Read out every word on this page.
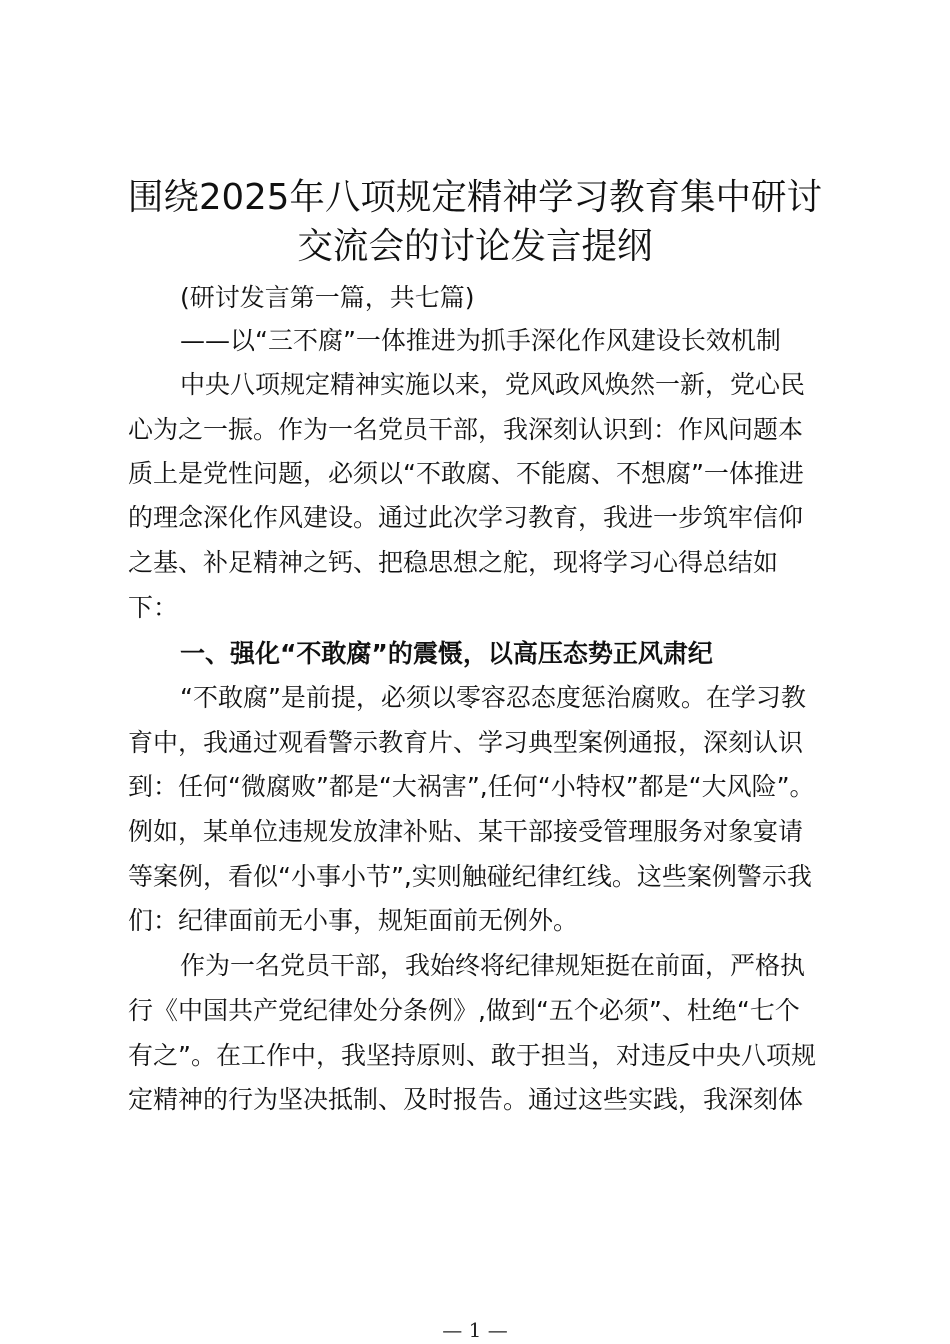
围绕2025年八项规定精神学习教育集中研讨
交流会的讨论发言提纲

(研讨发言第一篇，共七篇)

——以“三不腐”一体推进为抓手深化作风建设长效机制

中央八项规定精神实施以来，党风政风焕然一新，党心民

心为之一振。作为一名党员干部，我深刻认识到：作风问题本

质上是党性问题，必须以“不敢腐、不能腐、不想腐”一体推进

的理念深化作风建设。通过此次学习教育，我进一步筑牢信仰

之基、补足精神之钙、把稳思想之舵，现将学习心得总结如

下：

一、强化“不敢腐”的震慑，以高压态势正风肃纪

“不敢腐”是前提，必须以零容忍态度惩治腐败。在学习教

育中，我通过观看警示教育片、学习典型案例通报，深刻认识

到：任何“微腐败”都是“大祸害”,任何“小特权”都是“大风险”。

例如，某单位违规发放津补贴、某干部接受管理服务对象宴请

等案例，看似“小事小节”,实则触碰纪律红线。这些案例警示我

们：纪律面前无小事，规矩面前无例外。

作为一名党员干部，我始终将纪律规矩挺在前面，严格执

行《中国共产党纪律处分条例》,做到“五个必须”、杜绝“七个

有之”。在工作中，我坚持原则、敢于担当，对违反中央八项规

定精神的行为坚决抵制、及时报告。通过这些实践，我深刻体

— 1 —
